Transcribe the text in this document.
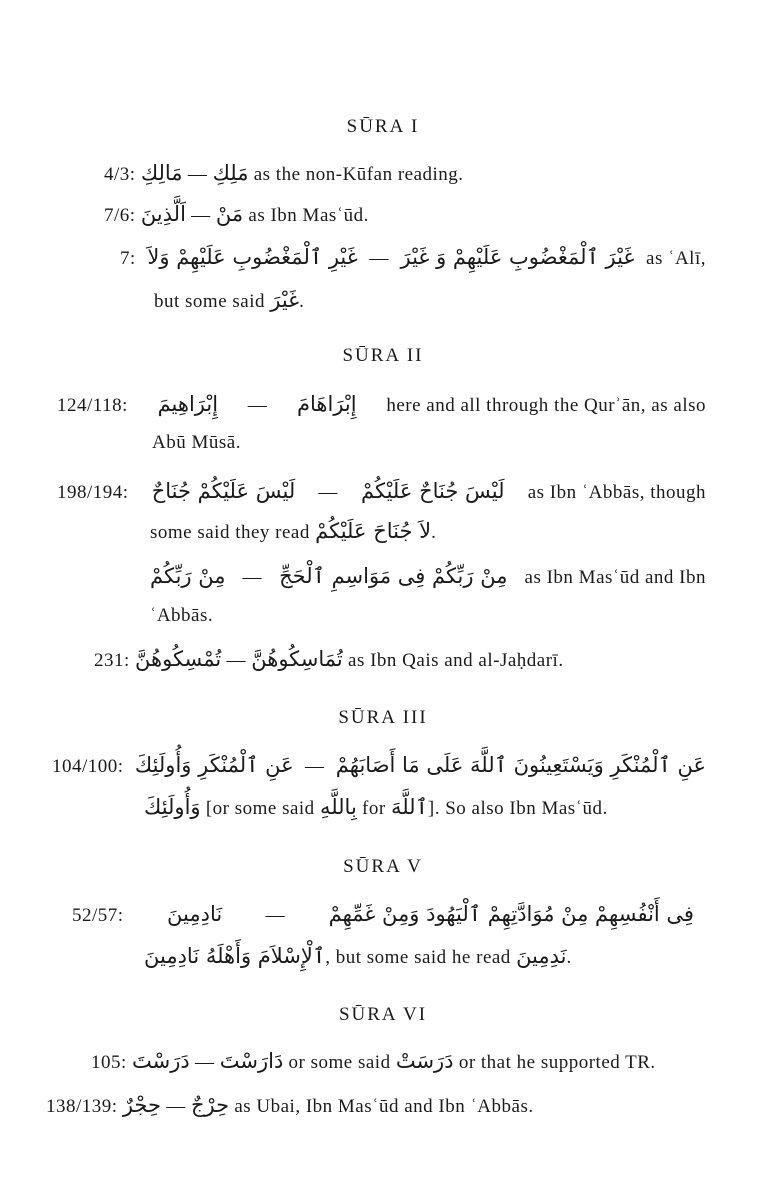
SŪRA I
4/3: مَالِكِ — مَلِكِ as the non-Kūfan reading.
7/6: اَلَّذِينَ — مَنْ as Ibn Masʿūd.
7: غَيْرِ ٱلْمَغْضُوبِ عَلَيْهِمْ وَلاَ — غَيْرَ ٱلْمَغْضُوبِ عَلَيْهِمْ وَ غَيْرَ as ʿAlī,
but some said غَيْرَ.
SŪRA II
124/118: إِبْرَاهِيمَ — إِبْرَاهَامَ here and all through the Qurʾān, as also
Abū Mūsā.
198/194: لَيْسَ عَلَيْكُمْ جُنَاحٌ — لَيْسَ جُنَاحٌ عَلَيْكُمْ as Ibn ʿAbbās, though
some said they read لاَ جُنَاحَ عَلَيْكُمْ.
مِنْ رَبِّكُمْ — مِنْ رَبِّكُمْ فِى مَوَاسِمِ ٱلْحَجِّ as Ibn Masʿūd and Ibn
ʿAbbās.
231: تُمْسِكُوهُنَّ — تُمَاسِكُوهُنَّ as Ibn Qais and al-Jaḥdarī.
SŪRA III
104/100: عَنِ ٱلْمُنْكَرِ وَأُولَئِكَ — عَنِ ٱلْمُنْكَرِ وَيَسْتَعِينُونَ ٱللَّهَ عَلَى مَا أَصَابَهُمْ
وَأُولَئِكَ [or some said بِاللَّهِ for ٱللَّهَ]. So also Ibn Masʿūd.
SŪRA V
52/57: نَادِمِينَ — فِى أَنْفُسِهِمْ مِنْ مُوَادَّتِهِمْ ٱلْيَهُودَ وَمِنْ غَمِّهِمْ
ٱلْإِسْلاَمَ وَأَهْلَهُ نَادِمِينَ, but some said he read نَدِمِينَ.
SŪRA VI
105: دَرَسْتَ — دَارَسْتَ or some said دَرَسَتْ or that he supported TR.
138/139: حِجْرٌ — حِرْجٌ as Ubai, Ibn Masʿūd and Ibn ʿAbbās.
